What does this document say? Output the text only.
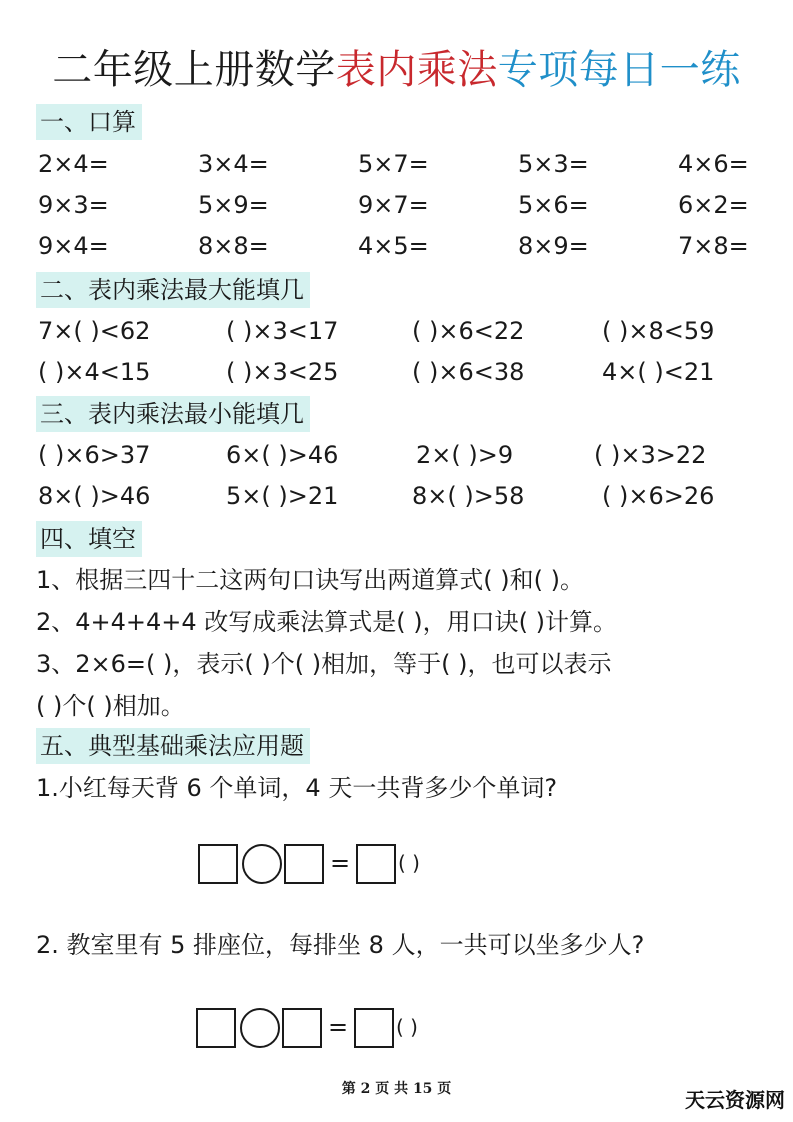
二年级上册数学表内乘法专项每日一练
一、口算
2×4=	3×4=	5×7=	5×3=	4×6=
9×3=	5×9=	9×7=	5×6=	6×2=
9×4=	8×8=	4×5=	8×9=	7×8=
二、表内乘法最大能填几
7×( )<62	( )×3<17	( )×6<22	( )×8<59
( )×4<15	( )×3<25	( )×6<38	4×( )<21
三、表内乘法最小能填几
( )×6>37	6×( )>46	2×( )>9	( )×3>22
8×( )>46	5×( )>21	8×( )>58	( )×6>26
四、填空
1、根据三四十二这两句口诀写出两道算式( )和( )。
2、4+4+4+4 改写成乘法算式是( )，用口诀( )计算。
3、2×6=( )，表示( )个( )相加，等于( )，也可以表示
( )个( )相加。
五、典型基础乘法应用题
1.小红每天背 6 个单词，4 天一共背多少个单词?
= ( )
2. 教室里有 5 排座位，每排坐 8 人，一共可以坐多少人?
= ( )
第 2 页 共 15 页	天云资源网
